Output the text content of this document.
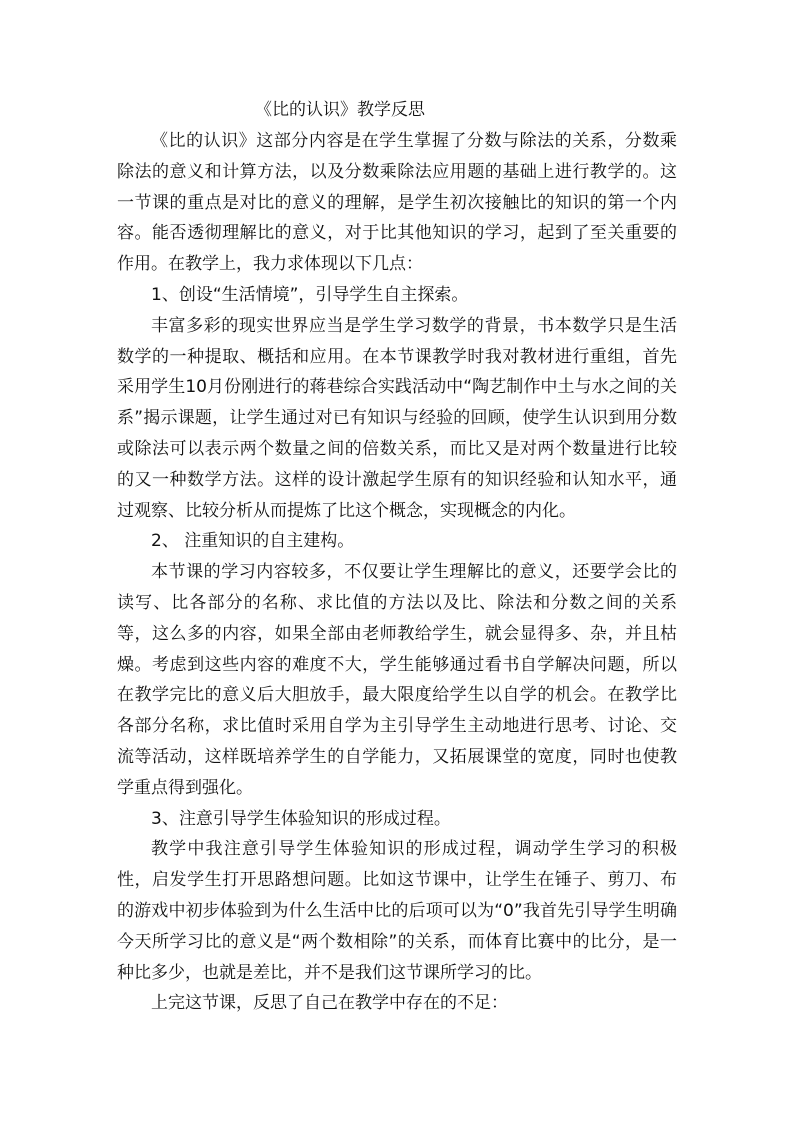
《比的认识》教学反思

《比的认识》这部分内容是在学生掌握了分数与除法的关系，分数乘除法的意义和计算方法，以及分数乘除法应用题的基础上进行教学的。这一节课的重点是对比的意义的理解，是学生初次接触比的知识的第一个内容。能否透彻理解比的意义，对于比其他知识的学习，起到了至关重要的作用。在教学上，我力求体现以下几点：

1、创设“生活情境”，引导学生自主探索。

丰富多彩的现实世界应当是学生学习数学的背景，书本数学只是生活数学的一种提取、概括和应用。在本节课教学时我对教材进行重组，首先采用学生10月份刚进行的蒋巷综合实践活动中“陶艺制作中土与水之间的关系”揭示课题，让学生通过对已有知识与经验的回顾，使学生认识到用分数或除法可以表示两个数量之间的倍数关系，而比又是对两个数量进行比较的又一种数学方法。这样的设计激起学生原有的知识经验和认知水平，通过观察、比较分析从而提炼了比这个概念，实现概念的内化。

2、 注重知识的自主建构。

本节课的学习内容较多，不仅要让学生理解比的意义，还要学会比的读写、比各部分的名称、求比值的方法以及比、除法和分数之间的关系等，这么多的内容，如果全部由老师教给学生，就会显得多、杂，并且枯燥。考虑到这些内容的难度不大，学生能够通过看书自学解决问题，所以在教学完比的意义后大胆放手，最大限度给学生以自学的机会。在教学比各部分名称，求比值时采用自学为主引导学生主动地进行思考、讨论、交流等活动，这样既培养学生的自学能力，又拓展课堂的宽度，同时也使教学重点得到强化。

3、注意引导学生体验知识的形成过程。

教学中我注意引导学生体验知识的形成过程，调动学生学习的积极性，启发学生打开思路想问题。比如这节课中，让学生在锤子、剪刀、布的游戏中初步体验到为什么生活中比的后项可以为“0”我首先引导学生明确今天所学习比的意义是“两个数相除”的关系，而体育比赛中的比分，是一种比多少，也就是差比，并不是我们这节课所学习的比。

上完这节课，反思了自己在教学中存在的不足：
